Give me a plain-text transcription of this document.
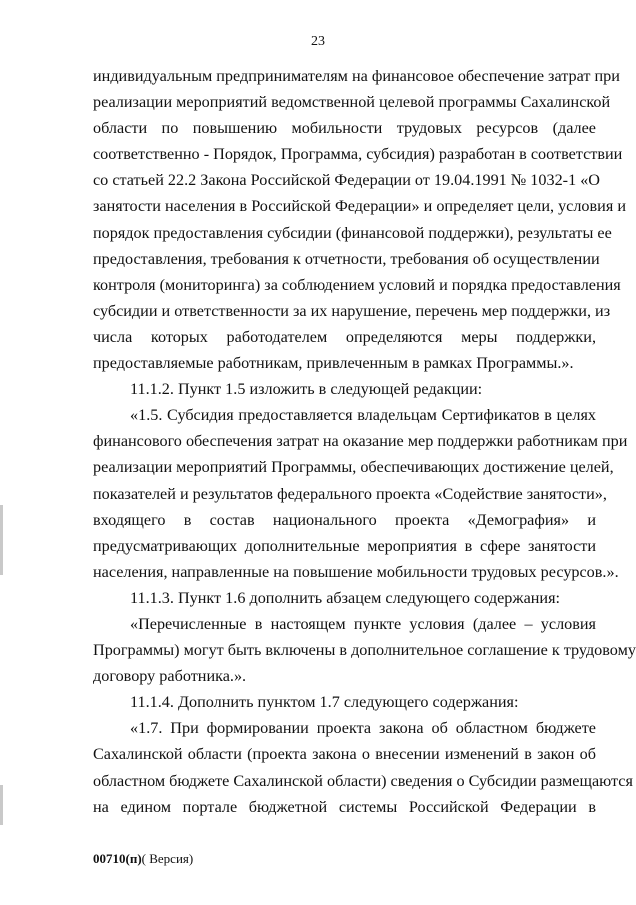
23
индивидуальным предпринимателям на финансовое обеспечение затрат при
реализации мероприятий ведомственной целевой программы Сахалинской
области по повышению мобильности трудовых ресурсов (далее
соответственно - Порядок, Программа, субсидия) разработан в соответствии
со статьей 22.2 Закона Российской Федерации от 19.04.1991 № 1032-1 «О
занятости населения в Российской Федерации» и определяет цели, условия и
порядок предоставления субсидии (финансовой поддержки), результаты ее
предоставления, требования к отчетности, требования об осуществлении
контроля (мониторинга) за соблюдением условий и порядка предоставления
субсидии и ответственности за их нарушение, перечень мер поддержки, из
числа которых работодателем определяются меры поддержки,
предоставляемые работникам, привлеченным в рамках Программы.».
11.1.2. Пункт 1.5 изложить в следующей редакции:
«1.5. Субсидия предоставляется владельцам Сертификатов в целях
финансового обеспечения затрат на оказание мер поддержки работникам при
реализации мероприятий Программы, обеспечивающих достижение целей,
показателей и результатов федерального проекта «Содействие занятости»,
входящего в состав национального проекта «Демография» и
предусматривающих дополнительные мероприятия в сфере занятости
населения, направленные на повышение мобильности трудовых ресурсов.».
11.1.3. Пункт 1.6 дополнить абзацем следующего содержания:
«Перечисленные в настоящем пункте условия (далее – условия
Программы) могут быть включены в дополнительное соглашение к трудовому
договору работника.».
11.1.4. Дополнить пунктом 1.7 следующего содержания:
«1.7. При формировании проекта закона об областном бюджете
Сахалинской области (проекта закона о внесении изменений в закон об
областном бюджете Сахалинской области) сведения о Субсидии размещаются
на едином портале бюджетной системы Российской Федерации в
00710(п)( Версия)
